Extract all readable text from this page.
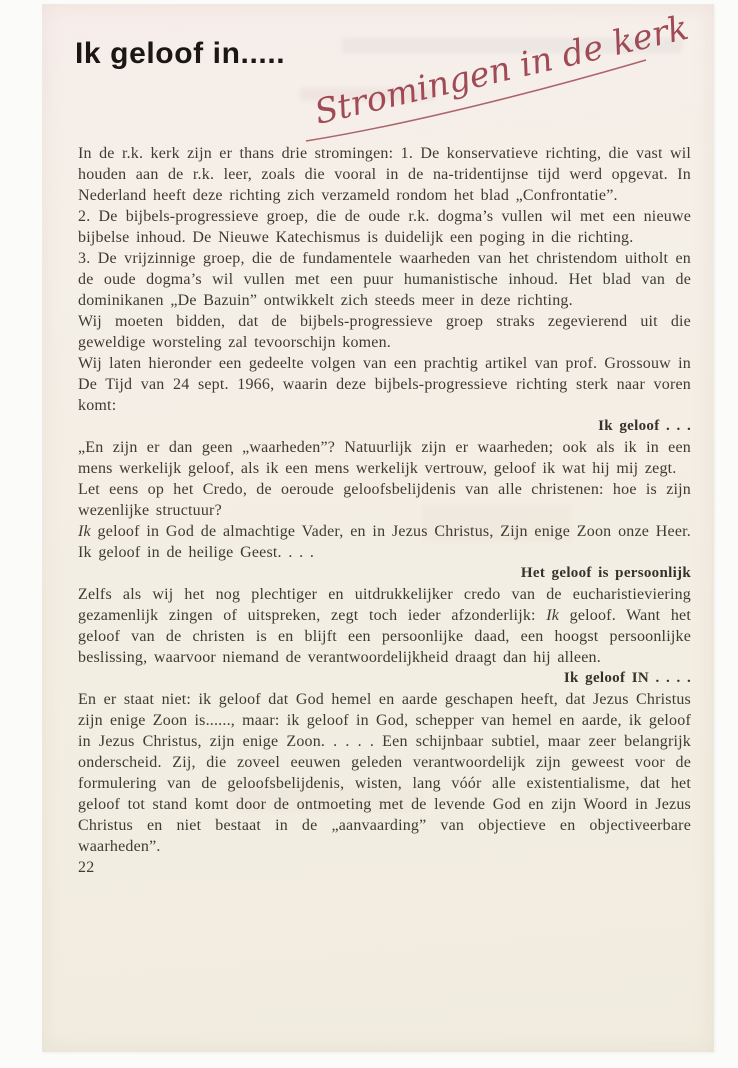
Ik geloof in..... Stromingen in de kerk

In de r.k. kerk zijn er thans drie stromingen: 1. De konservatieve richting, die vast wil houden aan de r.k. leer, zoals die vooral in de na-tridentijnse tijd werd opgevat. In Nederland heeft deze richting zich verzameld rondom het blad „Confrontatie”.

2. De bijbels-progressieve groep, die de oude r.k. dogma’s vullen wil met een nieuwe bijbelse inhoud. De Nieuwe Katechismus is duidelijk een poging in die richting.

3. De vrijzinnige groep, die de fundamentele waarheden van het christendom uitholt en de oude dogma’s wil vullen met een puur humanistische inhoud. Het blad van de dominikanen „De Bazuin” ontwikkelt zich steeds meer in deze richting.

Wij moeten bidden, dat de bijbels-progressieve groep straks zegevierend uit die geweldige worsteling zal tevoorschijn komen.

Wij laten hieronder een gedeelte volgen van een prachtig artikel van prof. Grossouw in De Tijd van 24 sept. 1966, waarin deze bijbels-progressieve richting sterk naar voren komt:

Ik geloof . . .

„En zijn er dan geen „waarheden”? Natuurlijk zijn er waarheden; ook als ik in een mens werkelijk geloof, als ik een mens werkelijk vertrouw, geloof ik wat hij mij zegt.

Let eens op het Credo, de oeroude geloofsbelijdenis van alle christenen: hoe is zijn wezenlijke structuur?

Ik geloof in God de almachtige Vader, en in Jezus Christus, Zijn enige Zoon onze Heer. Ik geloof in de heilige Geest. . . .

Het geloof is persoonlijk

Zelfs als wij het nog plechtiger en uitdrukkelijker credo van de eucharistieviering gezamenlijk zingen of uitspreken, zegt toch ieder afzonderlijk: Ik geloof. Want het geloof van de christen is en blijft een persoonlijke daad, een hoogst persoonlijke beslissing, waarvoor niemand de verantwoordelijkheid draagt dan hij alleen.

Ik geloof IN . . . .

En er staat niet: ik geloof dat God hemel en aarde geschapen heeft, dat Jezus Christus zijn enige Zoon is......, maar: ik geloof in God, schepper van hemel en aarde, ik geloof in Jezus Christus, zijn enige Zoon. . . . . Een schijnbaar subtiel, maar zeer belangrijk onderscheid. Zij, die zoveel eeuwen geleden verantwoordelijk zijn geweest voor de formulering van de geloofsbelijdenis, wisten, lang vóór alle existentialisme, dat het geloof tot stand komt door de ontmoeting met de levende God en zijn Woord in Jezus Christus en niet bestaat in de „aanvaarding” van objectieve en objectiveerbare waarheden”.

22
